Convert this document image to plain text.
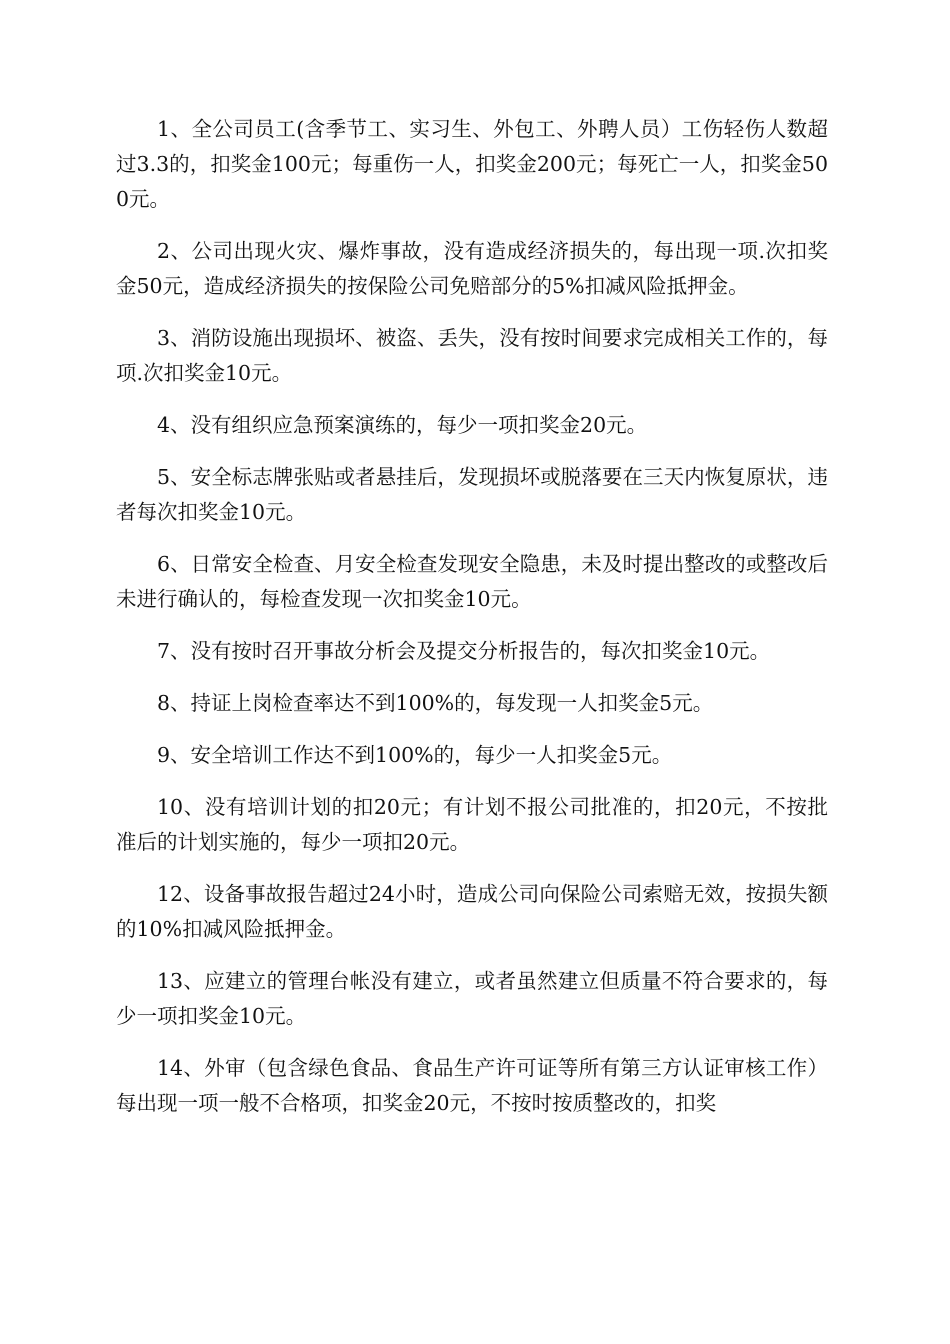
1、全公司员工(含季节工、实习生、外包工、外聘人员）工伤轻伤人数超过3.3的，扣奖金100元；每重伤一人，扣奖金200元；每死亡一人，扣奖金500元。

2、公司出现火灾、爆炸事故，没有造成经济损失的，每出现一项.次扣奖金50元，造成经济损失的按保险公司免赔部分的5%扣减风险抵押金。

3、消防设施出现损坏、被盗、丢失，没有按时间要求完成相关工作的，每项.次扣奖金10元。

4、没有组织应急预案演练的，每少一项扣奖金20元。

5、安全标志牌张贴或者悬挂后，发现损坏或脱落要在三天内恢复原状，违者每次扣奖金10元。

6、日常安全检查、月安全检查发现安全隐患，未及时提出整改的或整改后未进行确认的，每检查发现一次扣奖金10元。

7、没有按时召开事故分析会及提交分析报告的，每次扣奖金10元。

8、持证上岗检查率达不到100%的，每发现一人扣奖金5元。

9、安全培训工作达不到100%的，每少一人扣奖金5元。

10、没有培训计划的扣20元；有计划不报公司批准的，扣20元，不按批准后的计划实施的，每少一项扣20元。

12、设备事故报告超过24小时，造成公司向保险公司索赔无效，按损失额的10%扣减风险抵押金。

13、应建立的管理台帐没有建立，或者虽然建立但质量不符合要求的，每少一项扣奖金10元。

14、外审（包含绿色食品、食品生产许可证等所有第三方认证审核工作）每出现一项一般不合格项，扣奖金20元，不按时按质整改的，扣奖
